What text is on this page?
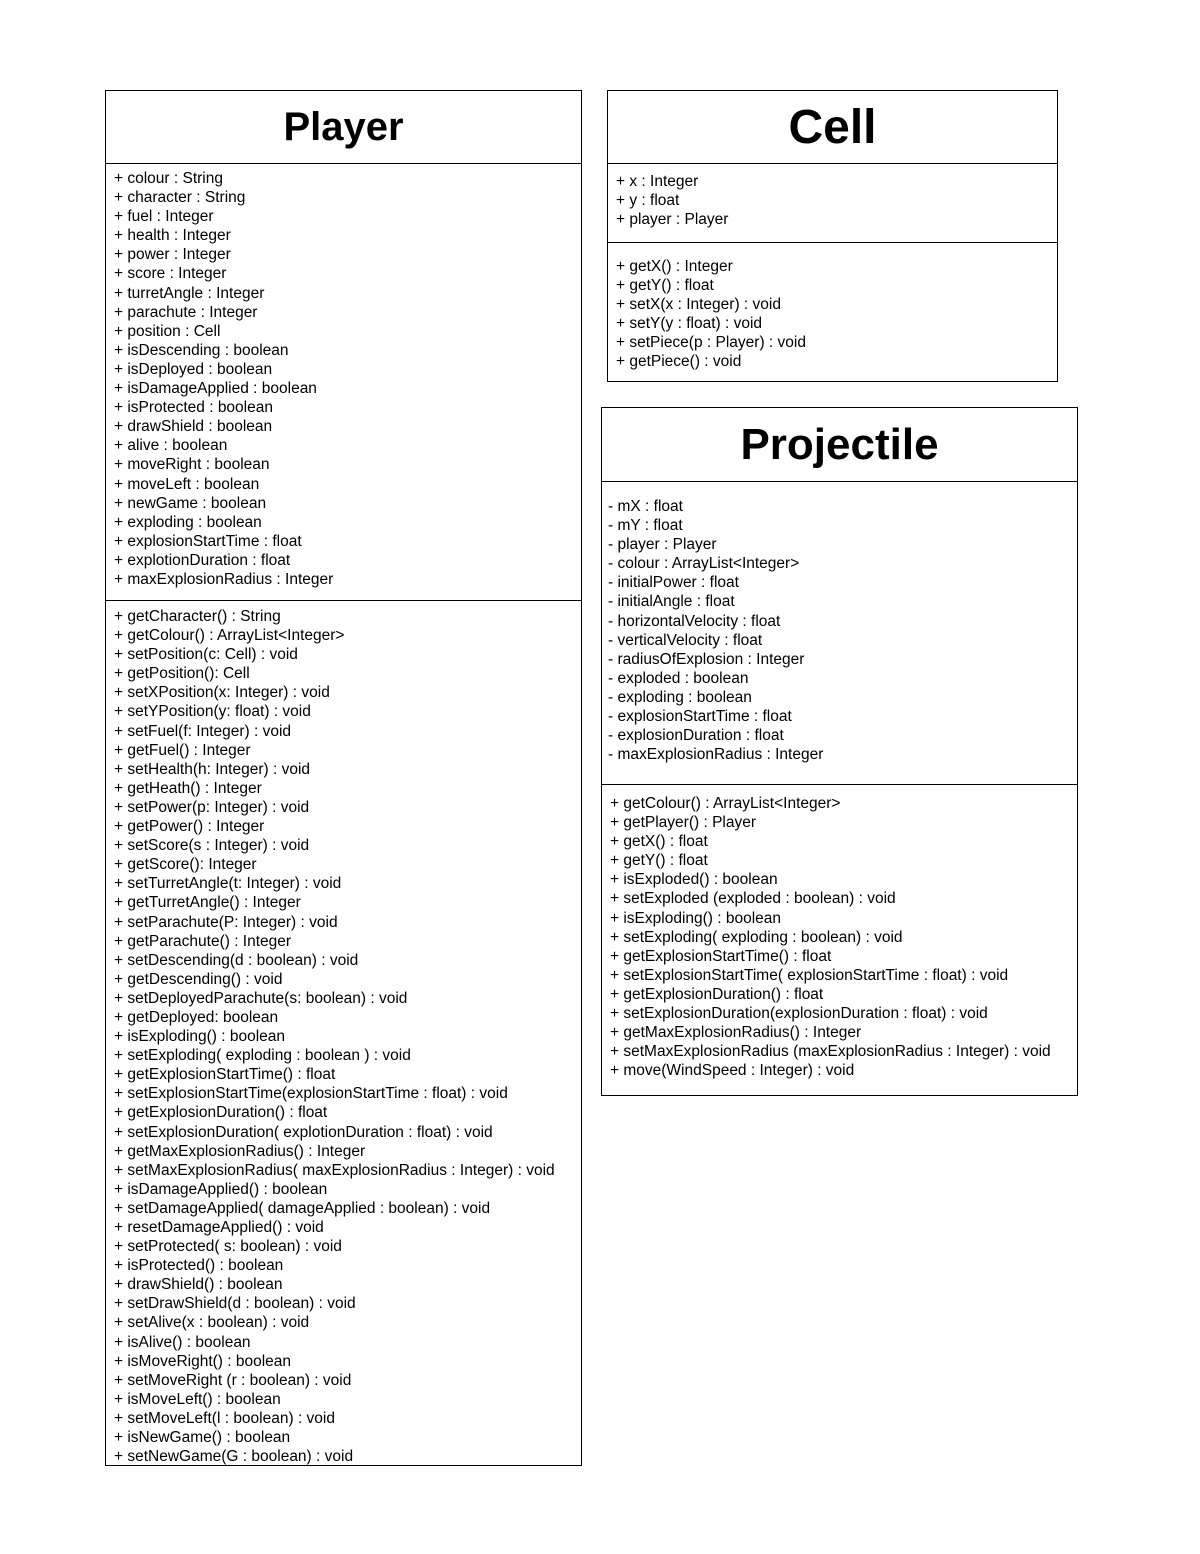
Player
+ colour : String
+ character : String
+ fuel : Integer
+ health : Integer
+ power : Integer
+ score : Integer
+ turretAngle : Integer
+ parachute : Integer
+ position : Cell
+ isDescending : boolean
+ isDeployed : boolean
+ isDamageApplied : boolean
+ isProtected : boolean
+ drawShield : boolean
+ alive : boolean
+ moveRight : boolean
+ moveLeft : boolean
+ newGame : boolean
+ exploding : boolean
+ explosionStartTime : float
+ explotionDuration : float
+ maxExplosionRadius : Integer
+ getCharacter() : String
+ getColour() : ArrayList<Integer>
+ setPosition(c: Cell) : void
+ getPosition(): Cell
+ setXPosition(x: Integer) : void
+ setYPosition(y: float) : void
+ setFuel(f: Integer) : void
+ getFuel() : Integer
+ setHealth(h: Integer) : void
+ getHeath() : Integer
+ setPower(p: Integer) : void
+ getPower() : Integer
+ setScore(s : Integer) : void
+ getScore(): Integer
+ setTurretAngle(t: Integer) : void
+ getTurretAngle() : Integer
+ setParachute(P: Integer) : void
+ getParachute() : Integer
+ setDescending(d : boolean) : void
+ getDescending() : void
+ setDeployedParachute(s: boolean) : void
+ getDeployed: boolean
+ isExploding() : boolean
+ setExploding( exploding : boolean ) : void
+ getExplosionStartTime() : float
+ setExplosionStartTime(explosionStartTime : float) : void
+ getExplosionDuration() : float
+ setExplosionDuration( explotionDuration : float) : void
+ getMaxExplosionRadius() : Integer
+ setMaxExplosionRadius( maxExplosionRadius : Integer) : void
+ isDamageApplied() : boolean
+ setDamageApplied( damageApplied : boolean) : void
+ resetDamageApplied() : void
+ setProtected( s: boolean) : void
+ isProtected() : boolean
+ drawShield() : boolean
+ setDrawShield(d : boolean) : void
+ setAlive(x : boolean) : void
+ isAlive() : boolean
+ isMoveRight() : boolean
+ setMoveRight (r : boolean) : void
+ isMoveLeft() : boolean
+ setMoveLeft(l : boolean) : void
+ isNewGame() : boolean
+ setNewGame(G : boolean) : void
Cell
+ x : Integer
+ y : float
+ player : Player
+ getX() : Integer
+ getY() : float
+ setX(x : Integer) : void
+ setY(y : float) : void
+ setPiece(p : Player) : void
+ getPiece() : void
Projectile
- mX : float
- mY : float
- player : Player
- colour : ArrayList<Integer>
- initialPower : float
- initialAngle : float
- horizontalVelocity : float
- verticalVelocity : float
- radiusOfExplosion : Integer
- exploded : boolean
- exploding : boolean
- explosionStartTime : float
- explosionDuration : float
- maxExplosionRadius : Integer
+ getColour() : ArrayList<Integer>
+ getPlayer() : Player
+ getX() : float
+ getY() : float
+ isExploded() : boolean
+ setExploded (exploded : boolean) : void
+ isExploding() : boolean
+ setExploding( exploding : boolean) : void
+ getExplosionStartTime() : float
+ setExplosionStartTime( explosionStartTime : float) : void
+ getExplosionDuration() : float
+ setExplosionDuration(explosionDuration : float) : void
+ getMaxExplosionRadius() : Integer
+ setMaxExplosionRadius (maxExplosionRadius : Integer) : void
+ move(WindSpeed : Integer) : void
